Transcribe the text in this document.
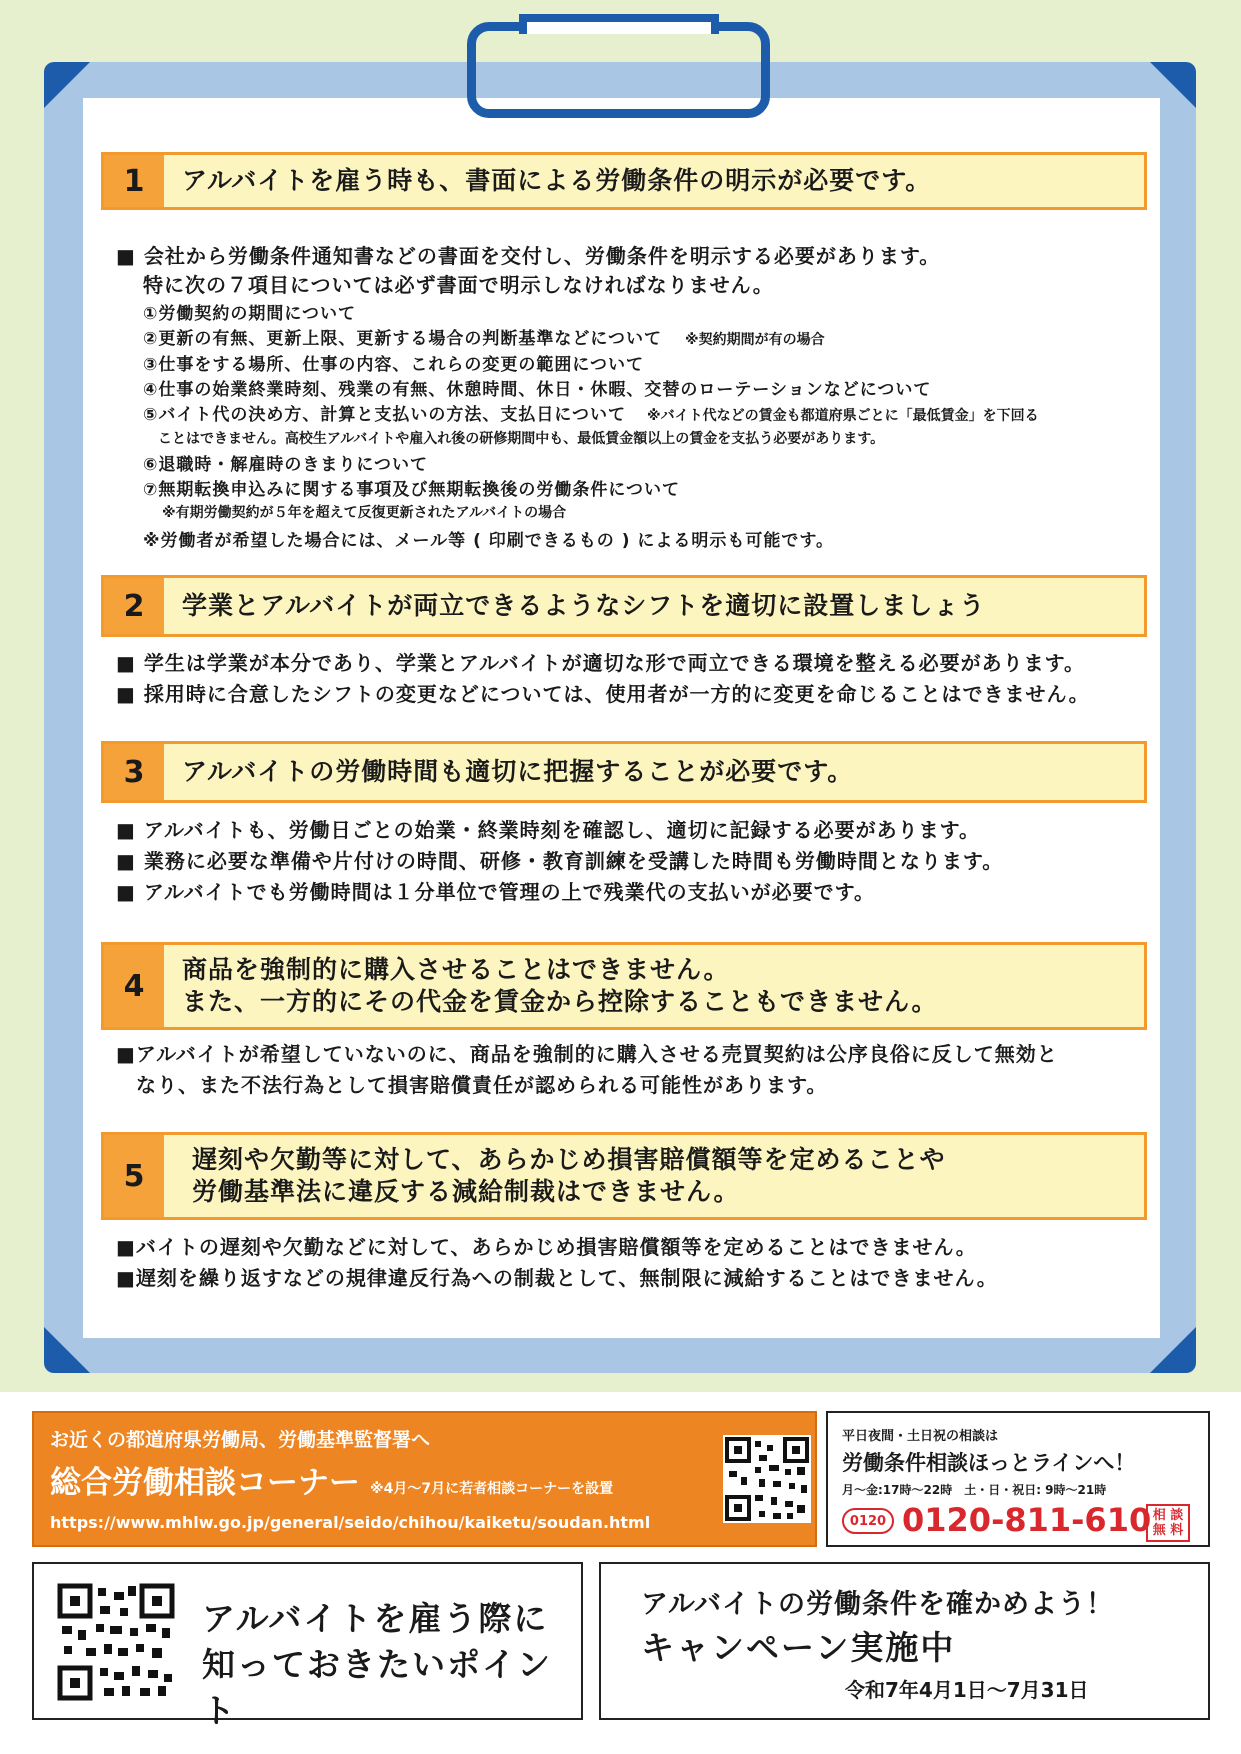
1	アルバイトを雇う時も、書面による労働条件の明示が必要です。
■ 会社から労働条件通知書などの書面を交付し、労働条件を明示する必要があります。
特に次の７項目については必ず書面で明示しなければなりません。
①労働契約の期間について
②更新の有無、更新上限、更新する場合の判断基準などについて ※契約期間が有の場合
③仕事をする場所、仕事の内容、これらの変更の範囲について
④仕事の始業終業時刻、残業の有無、休憩時間、休日・休暇、交替のローテーションなどについて
⑤バイト代の決め方、計算と支払いの方法、支払日について ※バイト代などの賃金も都道府県ごとに「最低賃金」を下回る
ことはできません。高校生アルバイトや雇入れ後の研修期間中も、最低賃金額以上の賃金を支払う必要があります。
⑥退職時・解雇時のきまりについて
⑦無期転換申込みに関する事項及び無期転換後の労働条件について
※有期労働契約が５年を超えて反復更新されたアルバイトの場合
※労働者が希望した場合には、メール等 ( 印刷できるもの ) による明示も可能です。
2	学業とアルバイトが両立できるようなシフトを適切に設置しましょう
■ 学生は学業が本分であり、学業とアルバイトが適切な形で両立できる環境を整える必要があります。
■ 採用時に合意したシフトの変更などについては、使用者が一方的に変更を命じることはできません。
3	アルバイトの労働時間も適切に把握することが必要です。
■ アルバイトも、労働日ごとの始業・終業時刻を確認し、適切に記録する必要があります。
■ 業務に必要な準備や片付けの時間、研修・教育訓練を受講した時間も労働時間となります。
■ アルバイトでも労働時間は１分単位で管理の上で残業代の支払いが必要です。
4	商品を強制的に購入させることはできません。
また、一方的にその代金を賃金から控除することもできません。
■アルバイトが希望していないのに、商品を強制的に購入させる売買契約は公序良俗に反して無効と
なり、また不法行為として損害賠償責任が認められる可能性があります。
5	遅刻や欠勤等に対して、あらかじめ損害賠償額等を定めることや
労働基準法に違反する減給制裁はできません。
■バイトの遅刻や欠勤などに対して、あらかじめ損害賠償額等を定めることはできません。
■遅刻を繰り返すなどの規律違反行為への制裁として、無制限に減給することはできません。
お近くの都道府県労働局、労働基準監督署へ
総合労働相談コーナー ※4月～7月に若者相談コーナーを設置
https://www.mhlw.go.jp/general/seido/chihou/kaiketu/soudan.html
平日夜間・土日祝の相談は
労働条件相談ほっとラインへ！
月～金:17時～22時　土・日・祝日: 9時～21時
0120 0120-811-610 相 談
無 料
アルバイトを雇う際に
知っておきたいポイント
アルバイトの労働条件を確かめよう！
キャンペーン実施中
令和7年4月1日～7月31日
